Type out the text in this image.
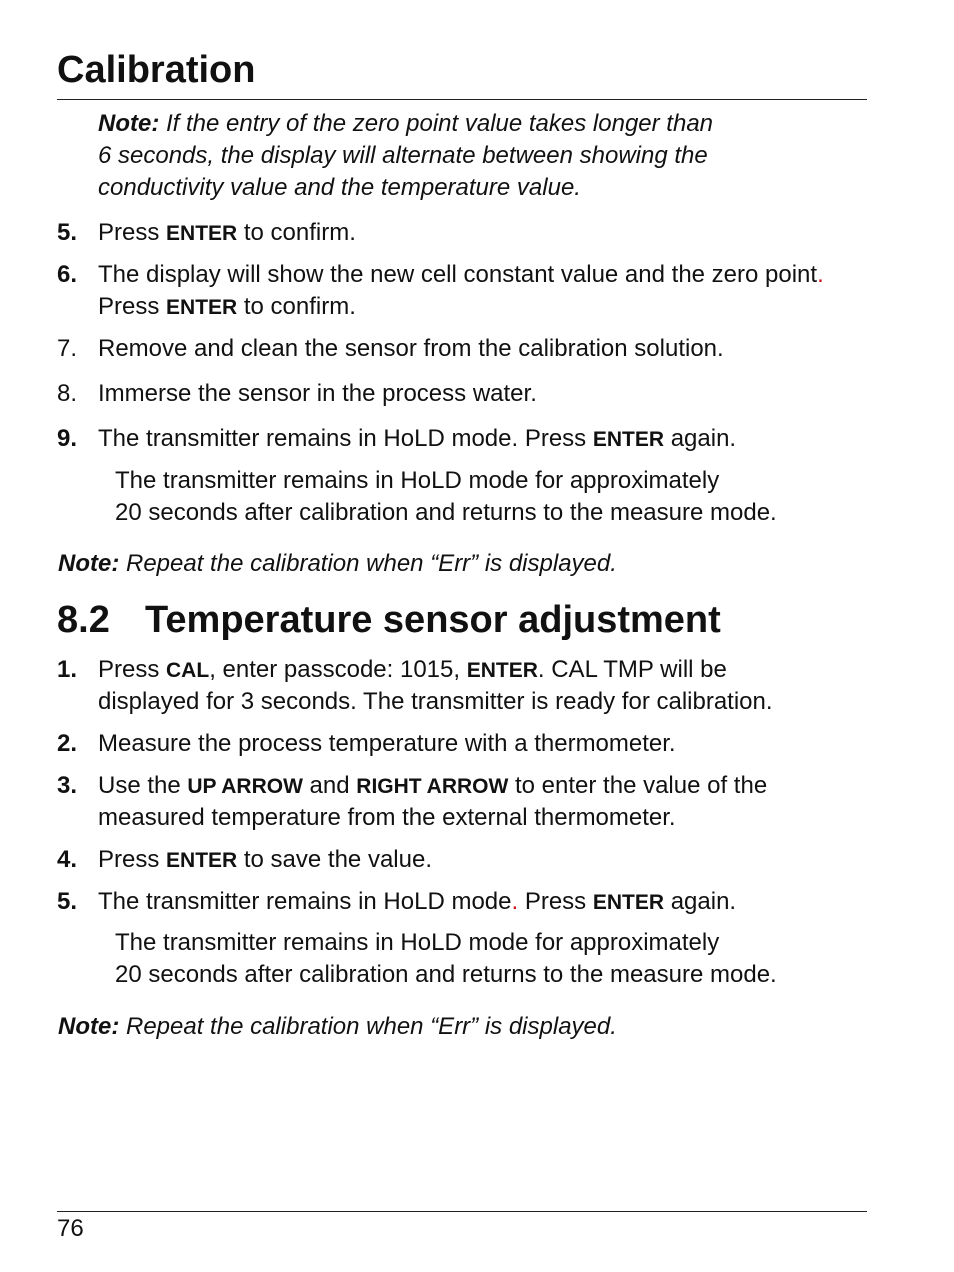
Calibration
Note: If the entry of the zero point value takes longer than
6 seconds, the display will alternate between showing the
conductivity value and the temperature value.
5. Press ENTER to confirm.
6. The display will show the new cell constant value and the zero point.
Press ENTER to confirm.
7. Remove and clean the sensor from the calibration solution.
8. Immerse the sensor in the process water.
9. The transmitter remains in HoLD mode. Press ENTER again.
The transmitter remains in HoLD mode for approximately
20 seconds after calibration and returns to the measure mode.
Note: Repeat the calibration when “Err” is displayed.
8.2 Temperature sensor adjustment
1. Press CAL, enter passcode: 1015, ENTER. CAL TMP will be
displayed for 3 seconds. The transmitter is ready for calibration.
2. Measure the process temperature with a thermometer.
3. Use the UP ARROW and RIGHT ARROW to enter the value of the
measured temperature from the external thermometer.
4. Press ENTER to save the value.
5. The transmitter remains in HoLD mode. Press ENTER again.
The transmitter remains in HoLD mode for approximately
20 seconds after calibration and returns to the measure mode.
Note: Repeat the calibration when “Err” is displayed.
76
